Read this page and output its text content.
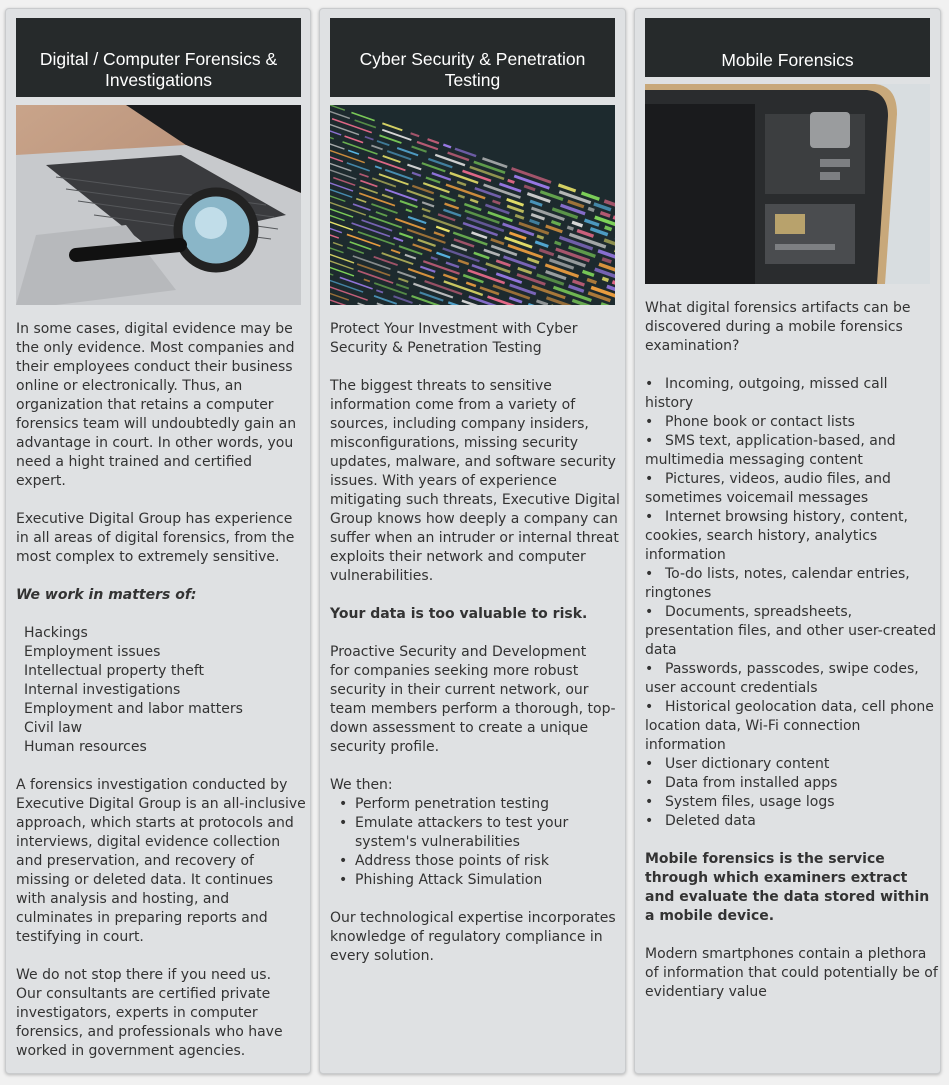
Digital / Computer Forensics & Investigations

In some cases, digital evidence may be the only evidence. Most companies and their employees conduct their business online or electronically. Thus, an organization that retains a computer forensics team will undoubtedly gain an advantage in court. In other words, you need a hight trained and certified expert.

Executive Digital Group has experience in all areas of digital forensics, from the most complex to extremely sensitive.

We work in matters of:

Hackings
Employment issues
Intellectual property theft
Internal investigations
Employment and labor matters
Civil law
Human resources

A forensics investigation conducted by Executive Digital Group is an all-inclusive approach, which starts at protocols and interviews, digital evidence collection and preservation, and recovery of missing or deleted data. It continues with analysis and hosting, and culminates in preparing reports and testifying in court.

We do not stop there if you need us.
Our consultants are certified private investigators, experts in computer forensics, and professionals who have worked in government agencies.

Cyber Security & Penetration Testing

Protect Your Investment with Cyber Security & Penetration Testing

The biggest threats to sensitive information come from a variety of sources, including company insiders, misconfigurations, missing security updates, malware, and software security issues. With years of experience mitigating such threats, Executive Digital Group knows how deeply a company can suffer when an intruder or internal threat exploits their network and computer vulnerabilities.

Your data is too valuable to risk.

Proactive Security and Development
for companies seeking more robust security in their current network, our team members perform a thorough, top-down assessment to create a unique security profile.

We then:

• Perform penetration testing
• Emulate attackers to test your system's vulnerabilities
• Address those points of risk
• Phishing Attack Simulation

Our technological expertise incorporates knowledge of regulatory compliance in every solution.

Mobile Forensics

What digital forensics artifacts can be discovered during a mobile forensics examination?

• Incoming, outgoing, missed call history
• Phone book or contact lists
• SMS text, application-based, and multimedia messaging content
• Pictures, videos, audio files, and sometimes voicemail messages
• Internet browsing history, content, cookies, search history, analytics information
• To-do lists, notes, calendar entries, ringtones
• Documents, spreadsheets, presentation files, and other user-created data
• Passwords, passcodes, swipe codes, user account credentials
• Historical geolocation data, cell phone location data, Wi-Fi connection information
• User dictionary content
• Data from installed apps
• System files, usage logs
• Deleted data

Mobile forensics is the service through which examiners extract and evaluate the data stored within a mobile device.

Modern smartphones contain a plethora of information that could potentially be of evidentiary value
